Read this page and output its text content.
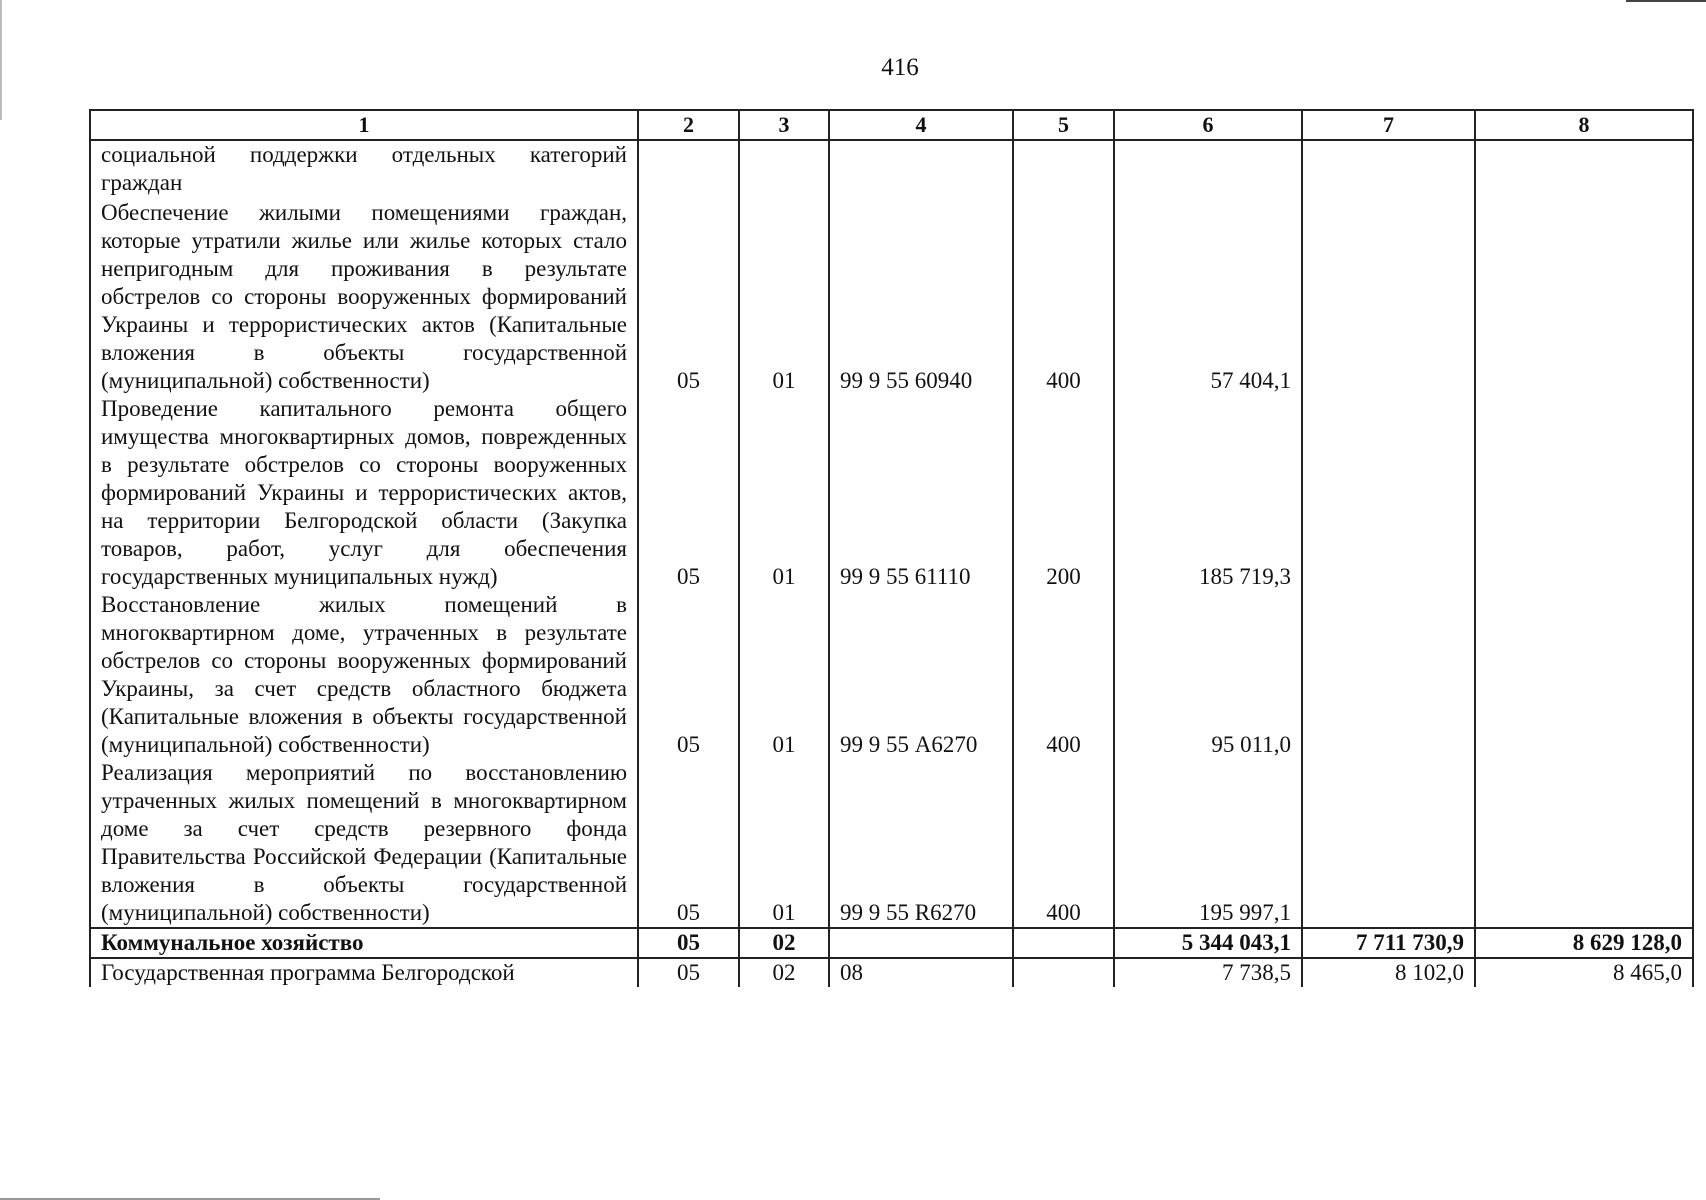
416
1	2	3	4	5	6	7	8
социальной поддержки отдельных категорий граждан							
Обеспечение жилыми помещениями граждан, которые утратили жилье или жилье которых стало непригодным для проживания в результате обстрелов со стороны вооруженных формирований Украины и террористических актов (Капитальные вложения в объекты государственной (муниципальной) собственности)	05	01	99 9 55 60940	400	57 404,1		
Проведение капитального ремонта общего имущества многоквартирных домов, поврежденных в результате обстрелов со стороны вооруженных формирований Украины и террористических актов, на территории Белгородской области (Закупка товаров, работ, услуг для обеспечения государственных муниципальных нужд)	05	01	99 9 55 61110	200	185 719,3		
Восстановление жилых помещений в многоквартирном доме, утраченных в результате обстрелов со стороны вооруженных формирований Украины, за счет средств областного бюджета (Капитальные вложения в объекты государственной (муниципальной) собственности)	05	01	99 9 55 А6270	400	95 011,0		
Реализация мероприятий по восстановлению утраченных жилых помещений в многоквартирном доме за счет средств резервного фонда Правительства Российской Федерации (Капитальные вложения в объекты государственной (муниципальной) собственности)	05	01	99 9 55 R6270	400	195 997,1		
Коммунальное хозяйство	05	02			5 344 043,1	7 711 730,9	8 629 128,0
Государственная программа Белгородской	05	02	08		7 738,5	8 102,0	8 465,0
